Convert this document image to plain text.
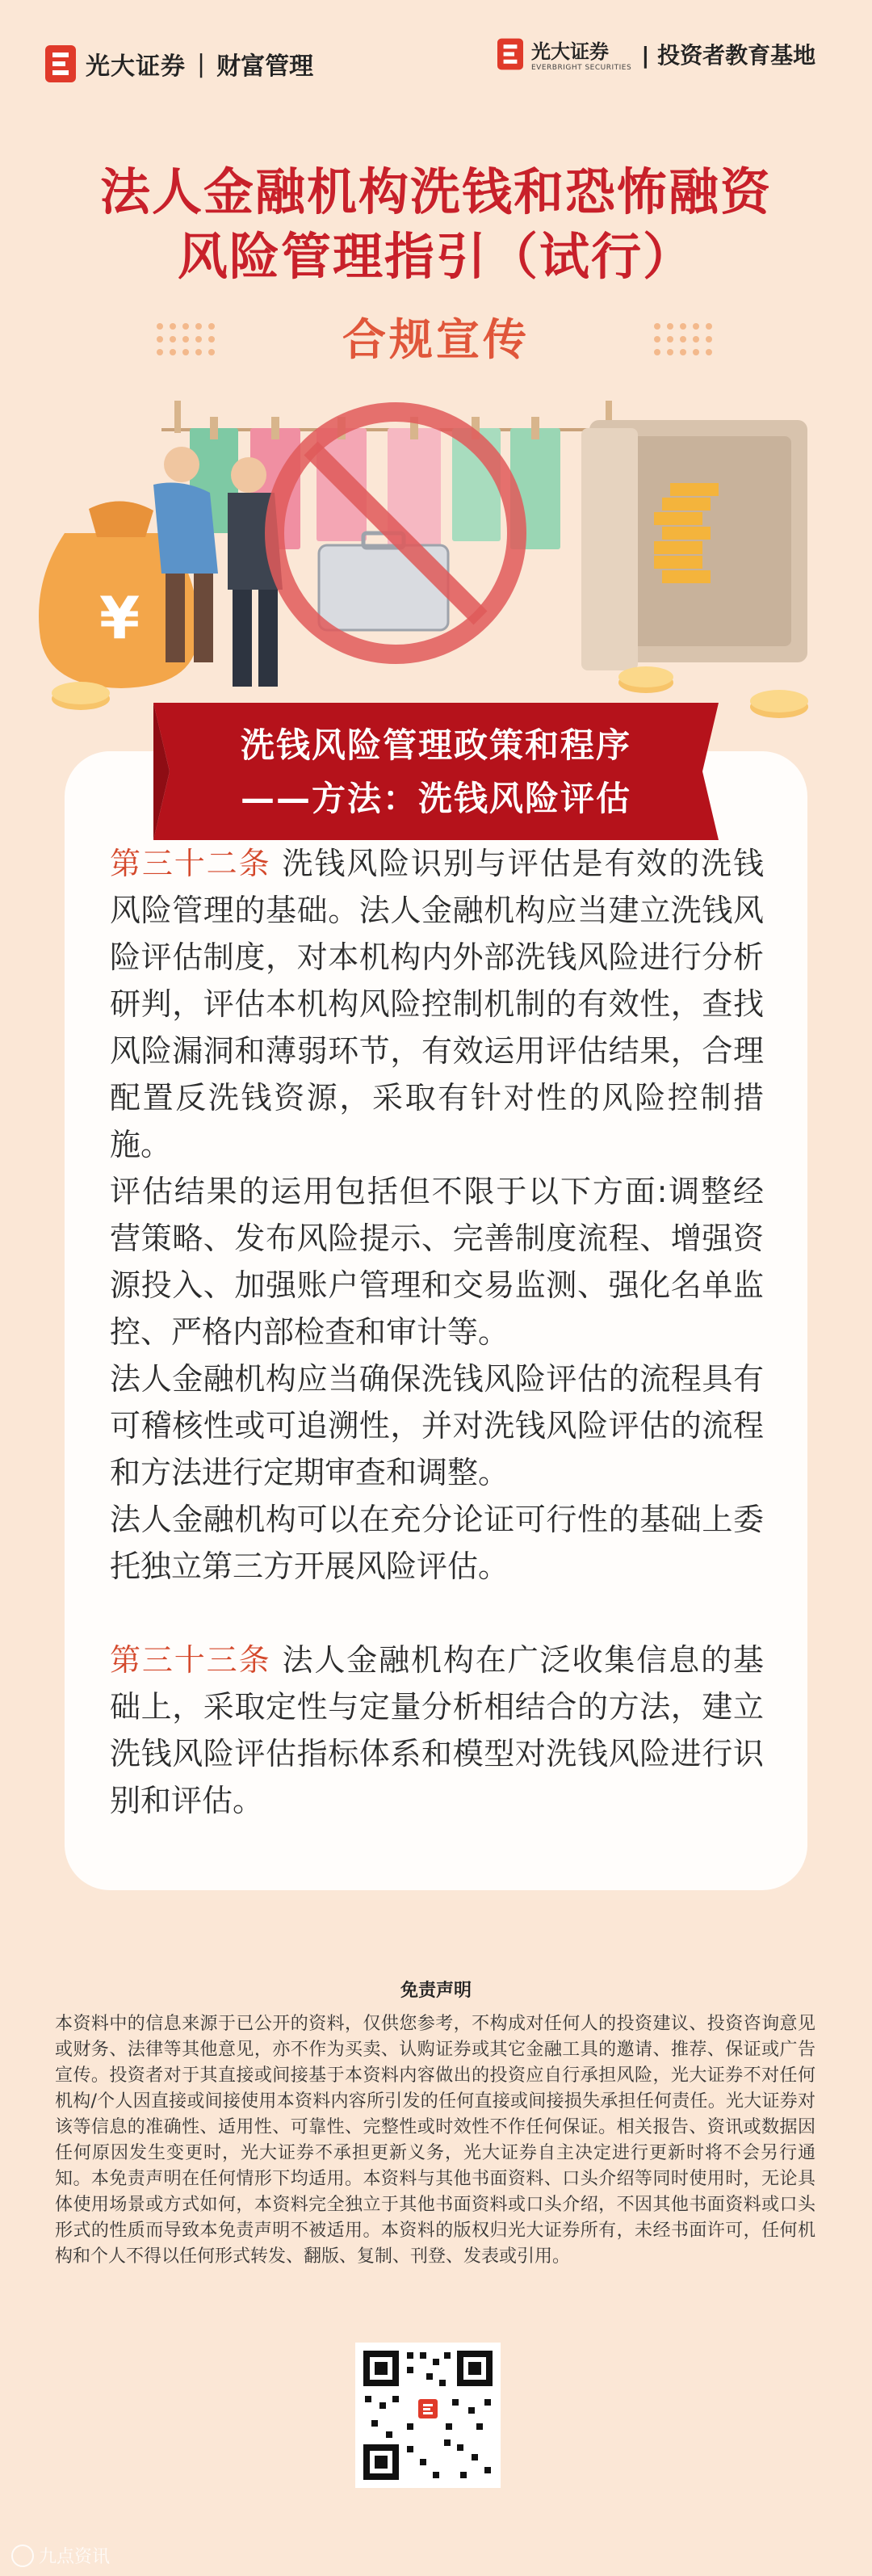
光大证券 | 财富管理
光大证券
EVERBRIGHT SECURITIES | 投资者教育基地
法人金融机构洗钱和恐怖融资
风险管理指引（试行）
合规宣传
¥
洗钱风险管理政策和程序
——方法：洗钱风险评估

第三十二条 洗钱风险识别与评估是有效的洗钱风险管理的基础。法人金融机构应当建立洗钱风险评估制度，对本机构内外部洗钱风险进行分析研判，评估本机构风险控制机制的有效性，查找风险漏洞和薄弱环节，有效运用评估结果，合理配置反洗钱资源，采取有针对性的风险控制措施。

评估结果的运用包括但不限于以下方面:调整经营策略、发布风险提示、完善制度流程、增强资源投入、加强账户管理和交易监测、强化名单监控、严格内部检查和审计等。

法人金融机构应当确保洗钱风险评估的流程具有可稽核性或可追溯性，并对洗钱风险评估的流程和方法进行定期审查和调整。

法人金融机构可以在充分论证可行性的基础上委托独立第三方开展风险评估。

第三十三条 法人金融机构在广泛收集信息的基础上，采取定性与定量分析相结合的方法，建立洗钱风险评估指标体系和模型对洗钱风险进行识别和评估。

免责声明
本资料中的信息来源于已公开的资料，仅供您参考，不构成对任何人的投资建议、投资咨询意见或财务、法律等其他意见，亦不作为买卖、认购证券或其它金融工具的邀请、推荐、保证或广告宣传。投资者对于其直接或间接基于本资料内容做出的投资应自行承担风险，光大证券不对任何机构/个人因直接或间接使用本资料内容所引发的任何直接或间接损失承担任何责任。光大证券对该等信息的准确性、适用性、可靠性、完整性或时效性不作任何保证。相关报告、资讯或数据因任何原因发生变更时，光大证券不承担更新义务，光大证券自主决定进行更新时将不会另行通知。本免责声明在任何情形下均适用。本资料与其他书面资料、口头介绍等同时使用时，无论具体使用场景或方式如何，本资料完全独立于其他书面资料或口头介绍，不因其他书面资料或口头形式的性质而导致本免责声明不被适用。本资料的版权归光大证券所有，未经书面许可，任何机构和个人不得以任何形式转发、翻版、复制、刊登、发表或引用。
九点资讯
